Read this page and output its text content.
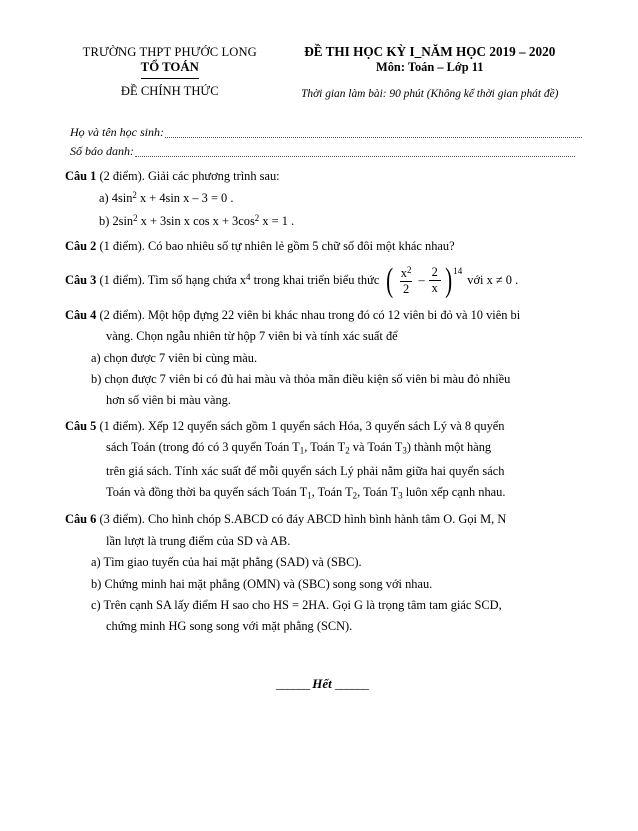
TRƯỜNG THPT PHƯỚC LONG
TỔ TOÁN
ĐỀ CHÍNH THỨC
ĐỀ THI HỌC KỲ I_NĂM HỌC 2019 – 2020
Môn: Toán – Lớp 11
Thời gian làm bài: 90 phút (Không kể thời gian phát đề)
Họ và tên học sinh:
Số báo danh:
Câu 1 (2 điểm). Giải các phương trình sau:
a) $4\sin^2$ x + 4sin x – 3 = 0 .
b) $2\sin^2$ x + 3sin x $\cos x + 3\cos^2$ x = 1 .
Câu 2 (1 điểm). Có bao nhiêu số tự nhiên lẻ gồm 5 chữ số đôi một khác nhau?
Câu 3 (1 điểm). Tìm số hạng chứa $x^4$ trong khai triển biểu thức ( $\frac{x^2}{2} - \frac{2}{x}$ ) 14
với x ≠ 0 .
Câu 4 (2 điểm). Một hộp đựng 22 viên bi khác nhau trong đó có 12 viên bi đỏ và 10 viên bi
vàng. Chọn ngẫu nhiên từ hộp 7 viên bi và tính xác suất để
a) chọn được 7 viên bi cùng màu.
b) chọn được 7 viên bi có đủ hai màu và thỏa mãn điều kiện số viên bi màu đỏ nhiều
hơn số viên bi màu vàng.
Câu 5 (1 điểm). Xếp 12 quyển sách gồm 1 quyển sách Hóa, 3 quyển sách Lý và 8 quyển
sách Toán (trong đó có 3 quyển Toán $T_1$, Toán $T_2$ và Toán $T_3$) thành một hàng
trên giá sách. Tính xác suất để mỗi quyển sách Lý phải nằm giữa hai quyển sách
Toán và đồng thời ba quyển sách Toán $T_1$, Toán $T_2$, Toán $T_3$ luôn xếp cạnh nhau.
Câu 6 (3 điểm). Cho hình chóp S.ABCD có đáy ABCD hình bình hành tâm O. Gọi M, N
lần lượt là trung điểm của SD và AB.
a) Tìm giao tuyến của hai mặt phẳng (SAD) và (SBC).
b) Chứng minh hai mặt phẳng (OMN) và (SBC) song song với nhau.
c) Trên cạnh SA lấy điểm H sao cho HS = 2HA. Gọi G là trọng tâm tam giác SCD,
chứng minh HG song song với mặt phẳng (SCN).
______ Hết ______
